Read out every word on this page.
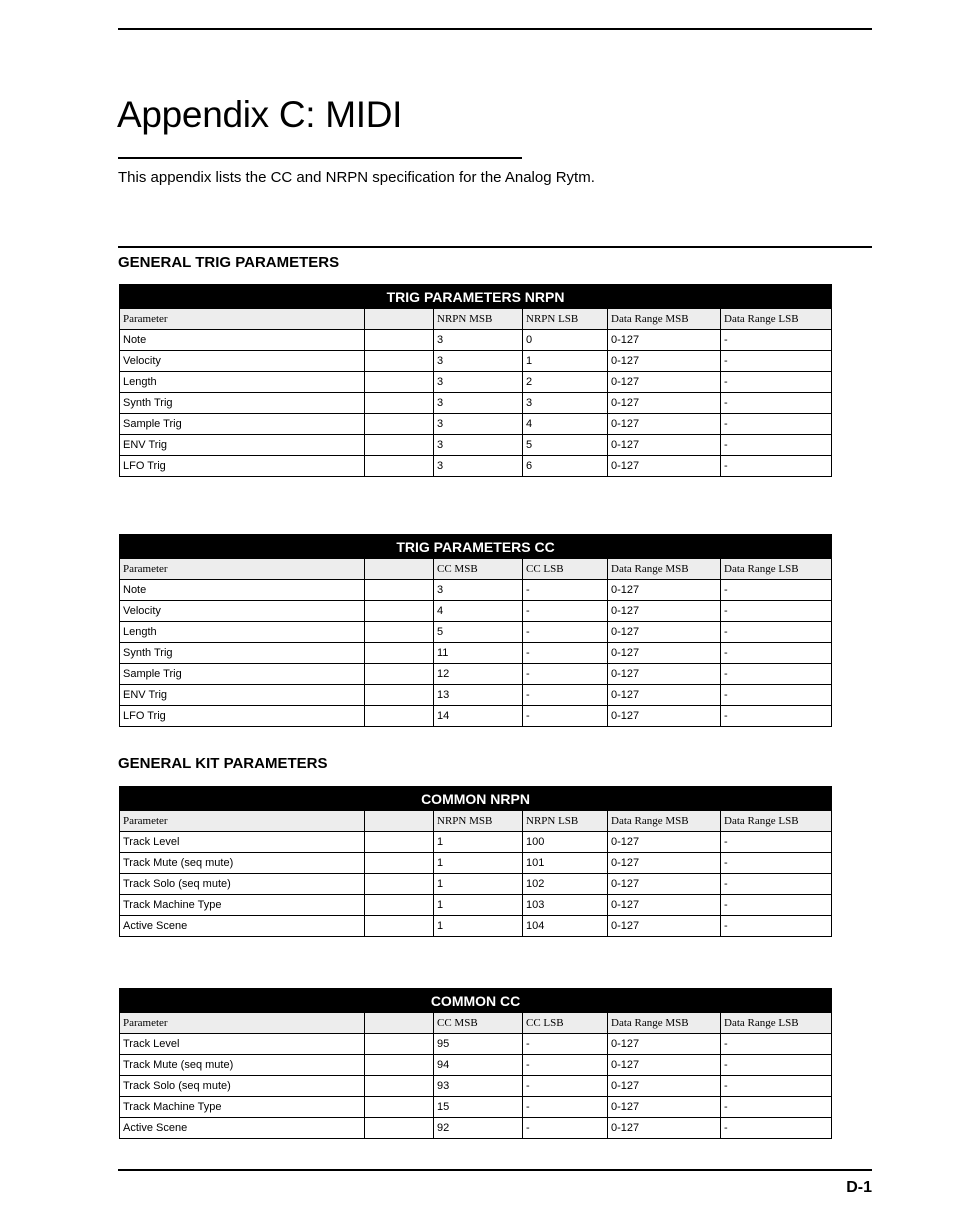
Appendix C: MIDI

This appendix lists the CC and NRPN specification for the Analog Rytm.

GENERAL TRIG PARAMETERS
TRIG PARAMETERS NRPN					
Parameter		NRPN MSB	NRPN LSB	Data Range MSB	Data Range LSB
Note		3	0	0-127	-
Velocity		3	1	0-127	-
Length		3	2	0-127	-
Synth Trig		3	3	0-127	-
Sample Trig		3	4	0-127	-
ENV Trig		3	5	0-127	-
LFO Trig		3	6	0-127	-
TRIG PARAMETERS CC					
Parameter		CC MSB	CC LSB	Data Range MSB	Data Range LSB
Note		3	-	0-127	-
Velocity		4	-	0-127	-
Length		5	-	0-127	-
Synth Trig		11	-	0-127	-
Sample Trig		12	-	0-127	-
ENV Trig		13	-	0-127	-
LFO Trig		14	-	0-127	-
GENERAL KIT PARAMETERS
COMMON NRPN					
Parameter		NRPN MSB	NRPN LSB	Data Range MSB	Data Range LSB
Track Level		1	100	0-127	-
Track Mute (seq mute)		1	101	0-127	-
Track Solo (seq mute)		1	102	0-127	-
Track Machine Type		1	103	0-127	-
Active Scene		1	104	0-127	-
COMMON CC					
Parameter		CC MSB	CC LSB	Data Range MSB	Data Range LSB
Track Level		95	-	0-127	-
Track Mute (seq mute)		94	-	0-127	-
Track Solo (seq mute)		93	-	0-127	-
Track Machine Type		15	-	0-127	-
Active Scene		92	-	0-127	-
D-1
